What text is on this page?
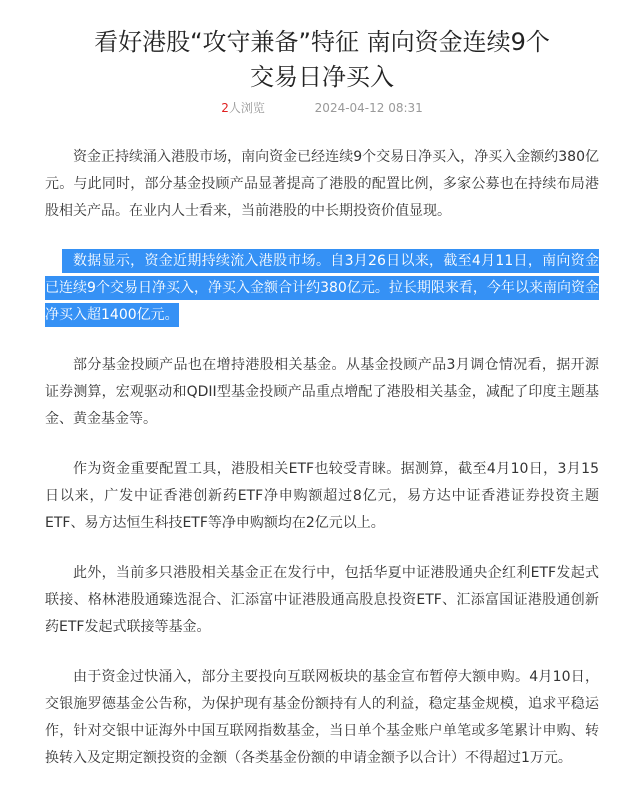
看好港股“攻守兼备”特征 南向资金连续9个
交易日净买入
2人浏览	2024-04-12 08:31

资金正持续涌入港股市场，南向资金已经连续9个交易日净买入，净买入金额约380亿元。与此同时，部分基金投顾产品显著提高了港股的配置比例，多家公募也在持续布局港股相关产品。在业内人士看来，当前港股的中长期投资价值显现。

数据显示，资金近期持续流入港股市场。自3月26日以来，截至4月11日，南向资金已连续9个交易日净买入，净买入金额合计约380亿元。拉长期限来看，今年以来南向资金净买入超1400亿元。

部分基金投顾产品也在增持港股相关基金。从基金投顾产品3月调仓情况看，据开源证券测算，宏观驱动和QDII型基金投顾产品重点增配了港股相关基金，减配了印度主题基金、黄金基金等。

作为资金重要配置工具，港股相关ETF也较受青睐。据测算，截至4月10日，3月15日以来，广发中证香港创新药ETF净申购额超过8亿元，易方达中证香港证券投资主题ETF、易方达恒生科技ETF等净申购额均在2亿元以上。

此外，当前多只港股相关基金正在发行中，包括华夏中证港股通央企红利ETF发起式联接、格林港股通臻选混合、汇添富中证港股通高股息投资ETF、汇添富国证港股通创新药ETF发起式联接等基金。

由于资金过快涌入，部分主要投向互联网板块的基金宣布暂停大额申购。4月10日，交银施罗德基金公告称，为保护现有基金份额持有人的利益，稳定基金规模，追求平稳运作，针对交银中证海外中国互联网指数基金，当日单个基金账户单笔或多笔累计申购、转换转入及定期定额投资的金额（各类基金份额的申请金额予以合计）不得超过1万元。
